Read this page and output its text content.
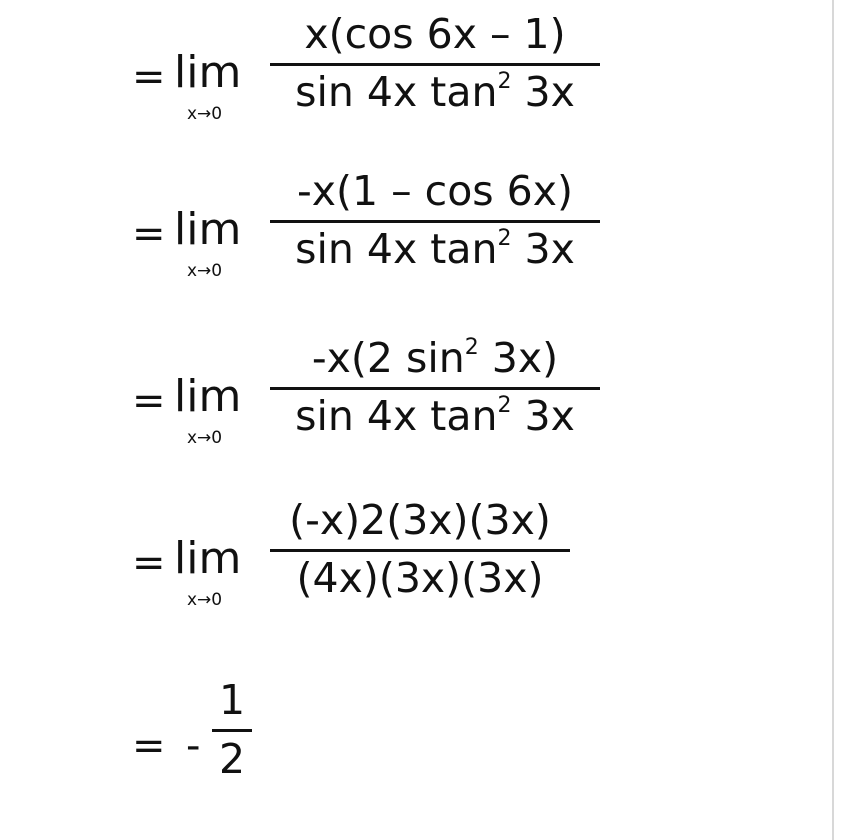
= lim
x→0
x(cos 6x – 1)
sin 4x $\tan^2 3x$
= lim
x→0
-x(1 – cos 6x)
sin 4x $\tan^2 3x$
= lim
x→0
-x(2 $\sin^2 3x$)
sin 4x $\tan^2 3x$
= lim
x→0
(-x)2(3x)(3x)
(4x)(3x)(3x)
= -
1
2
